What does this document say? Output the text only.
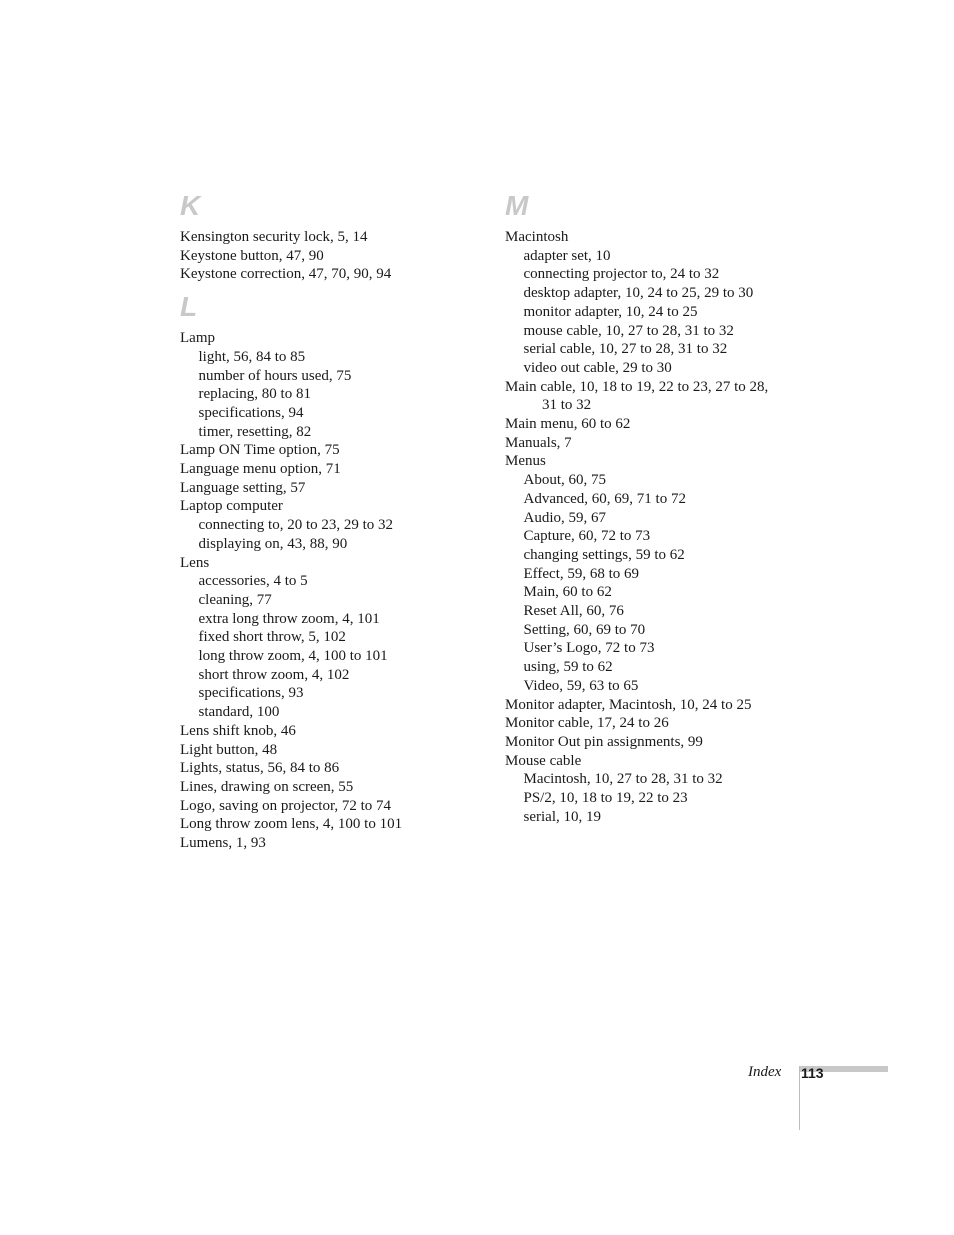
K
Kensington security lock, 5, 14
Keystone button, 47, 90
Keystone correction, 47, 70, 90, 94
L
Lamp
light, 56, 84 to 85
number of hours used, 75
replacing, 80 to 81
specifications, 94
timer, resetting, 82
Lamp ON Time option, 75
Language menu option, 71
Language setting, 57
Laptop computer
connecting to, 20 to 23, 29 to 32
displaying on, 43, 88, 90
Lens
accessories, 4 to 5
cleaning, 77
extra long throw zoom, 4, 101
fixed short throw, 5, 102
long throw zoom, 4, 100 to 101
short throw zoom, 4, 102
specifications, 93
standard, 100
Lens shift knob, 46
Light button, 48
Lights, status, 56, 84 to 86
Lines, drawing on screen, 55
Logo, saving on projector, 72 to 74
Long throw zoom lens, 4, 100 to 101
Lumens, 1, 93
M
Macintosh
adapter set, 10
connecting projector to, 24 to 32
desktop adapter, 10, 24 to 25, 29 to 30
monitor adapter, 10, 24 to 25
mouse cable, 10, 27 to 28, 31 to 32
serial cable, 10, 27 to 28, 31 to 32
video out cable, 29 to 30
Main cable, 10, 18 to 19, 22 to 23, 27 to 28,
31 to 32
Main menu, 60 to 62
Manuals, 7
Menus
About, 60, 75
Advanced, 60, 69, 71 to 72
Audio, 59, 67
Capture, 60, 72 to 73
changing settings, 59 to 62
Effect, 59, 68 to 69
Main, 60 to 62
Reset All, 60, 76
Setting, 60, 69 to 70
User’s Logo, 72 to 73
using, 59 to 62
Video, 59, 63 to 65
Monitor adapter, Macintosh, 10, 24 to 25
Monitor cable, 17, 24 to 26
Monitor Out pin assignments, 99
Mouse cable
Macintosh, 10, 27 to 28, 31 to 32
PS/2, 10, 18 to 19, 22 to 23
serial, 10, 19
Index 113
